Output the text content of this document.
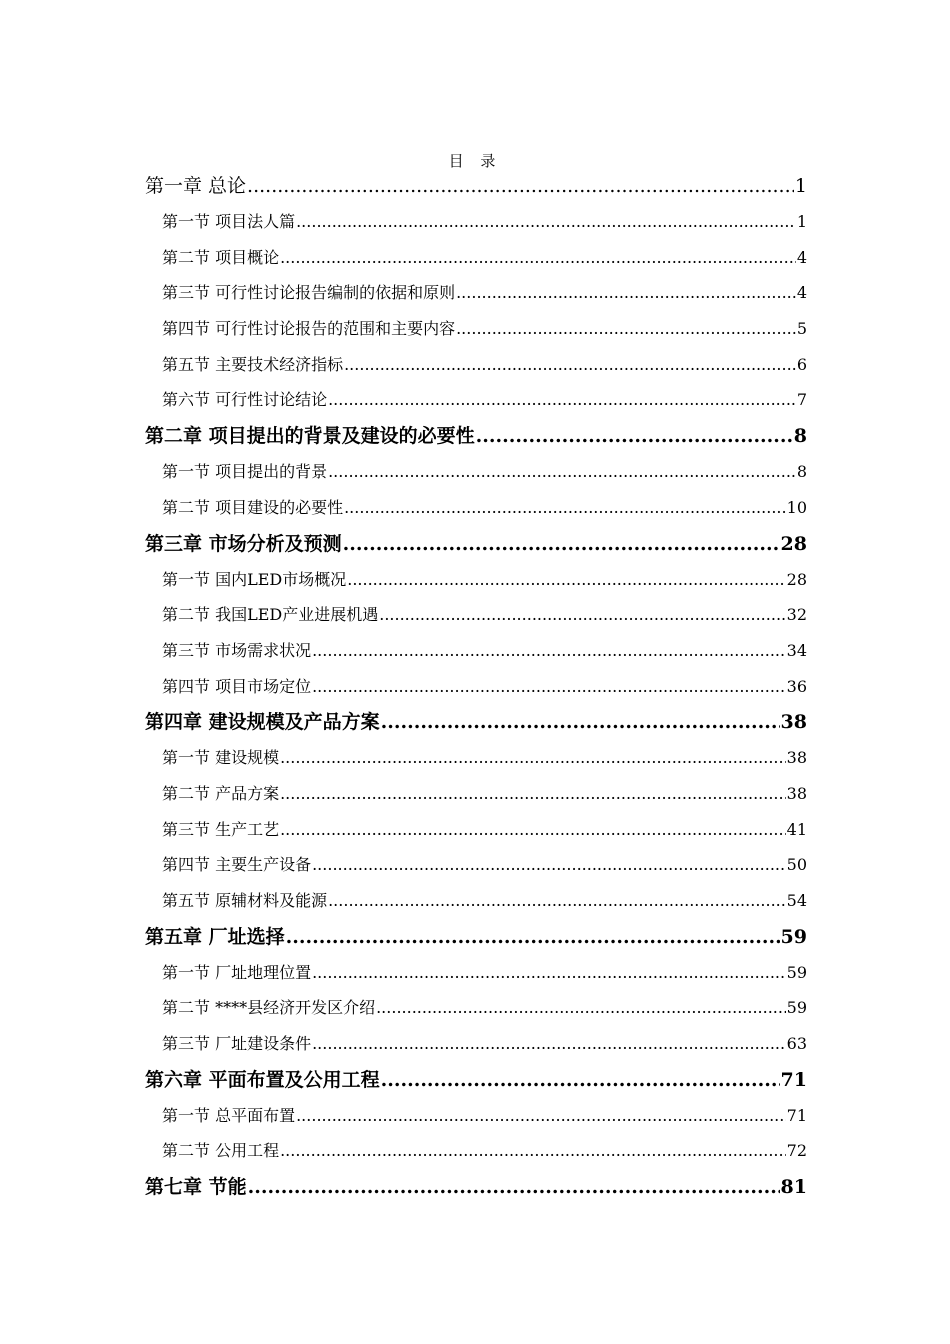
目 录
第一章 总论 .....	1
第一节 项目法人篇 .....	1
第二节 项目概论 .....	4
第三节 可行性讨论报告编制的依据和原则 .....	4
第四节 可行性讨论报告的范围和主要内容 .....	5
第五节 主要技术经济指标 .....	6
第六节 可行性讨论结论 .....	7
第二章 项目提出的背景及建设的必要性 .....	8
第一节 项目提出的背景 .....	8
第二节 项目建设的必要性 .....	10
第三章 市场分析及预测 .....	28
第一节 国内LED市场概况 .....	28
第二节 我国LED产业进展机遇 .....	32
第三节 市场需求状况 .....	34
第四节 项目市场定位 .....	36
第四章 建设规模及产品方案 .....	38
第一节 建设规模 .....	38
第二节 产品方案 .....	38
第三节 生产工艺 .....	41
第四节 主要生产设备 .....	50
第五节 原辅材料及能源 .....	54
第五章 厂址选择 .....	59
第一节 厂址地理位置 .....	59
第二节 ****县经济开发区介绍 .....	59
第三节 厂址建设条件 .....	63
第六章 平面布置及公用工程 .....	71
第一节 总平面布置 .....	71
第二节 公用工程 .....	72
第七章 节能 .....	81
